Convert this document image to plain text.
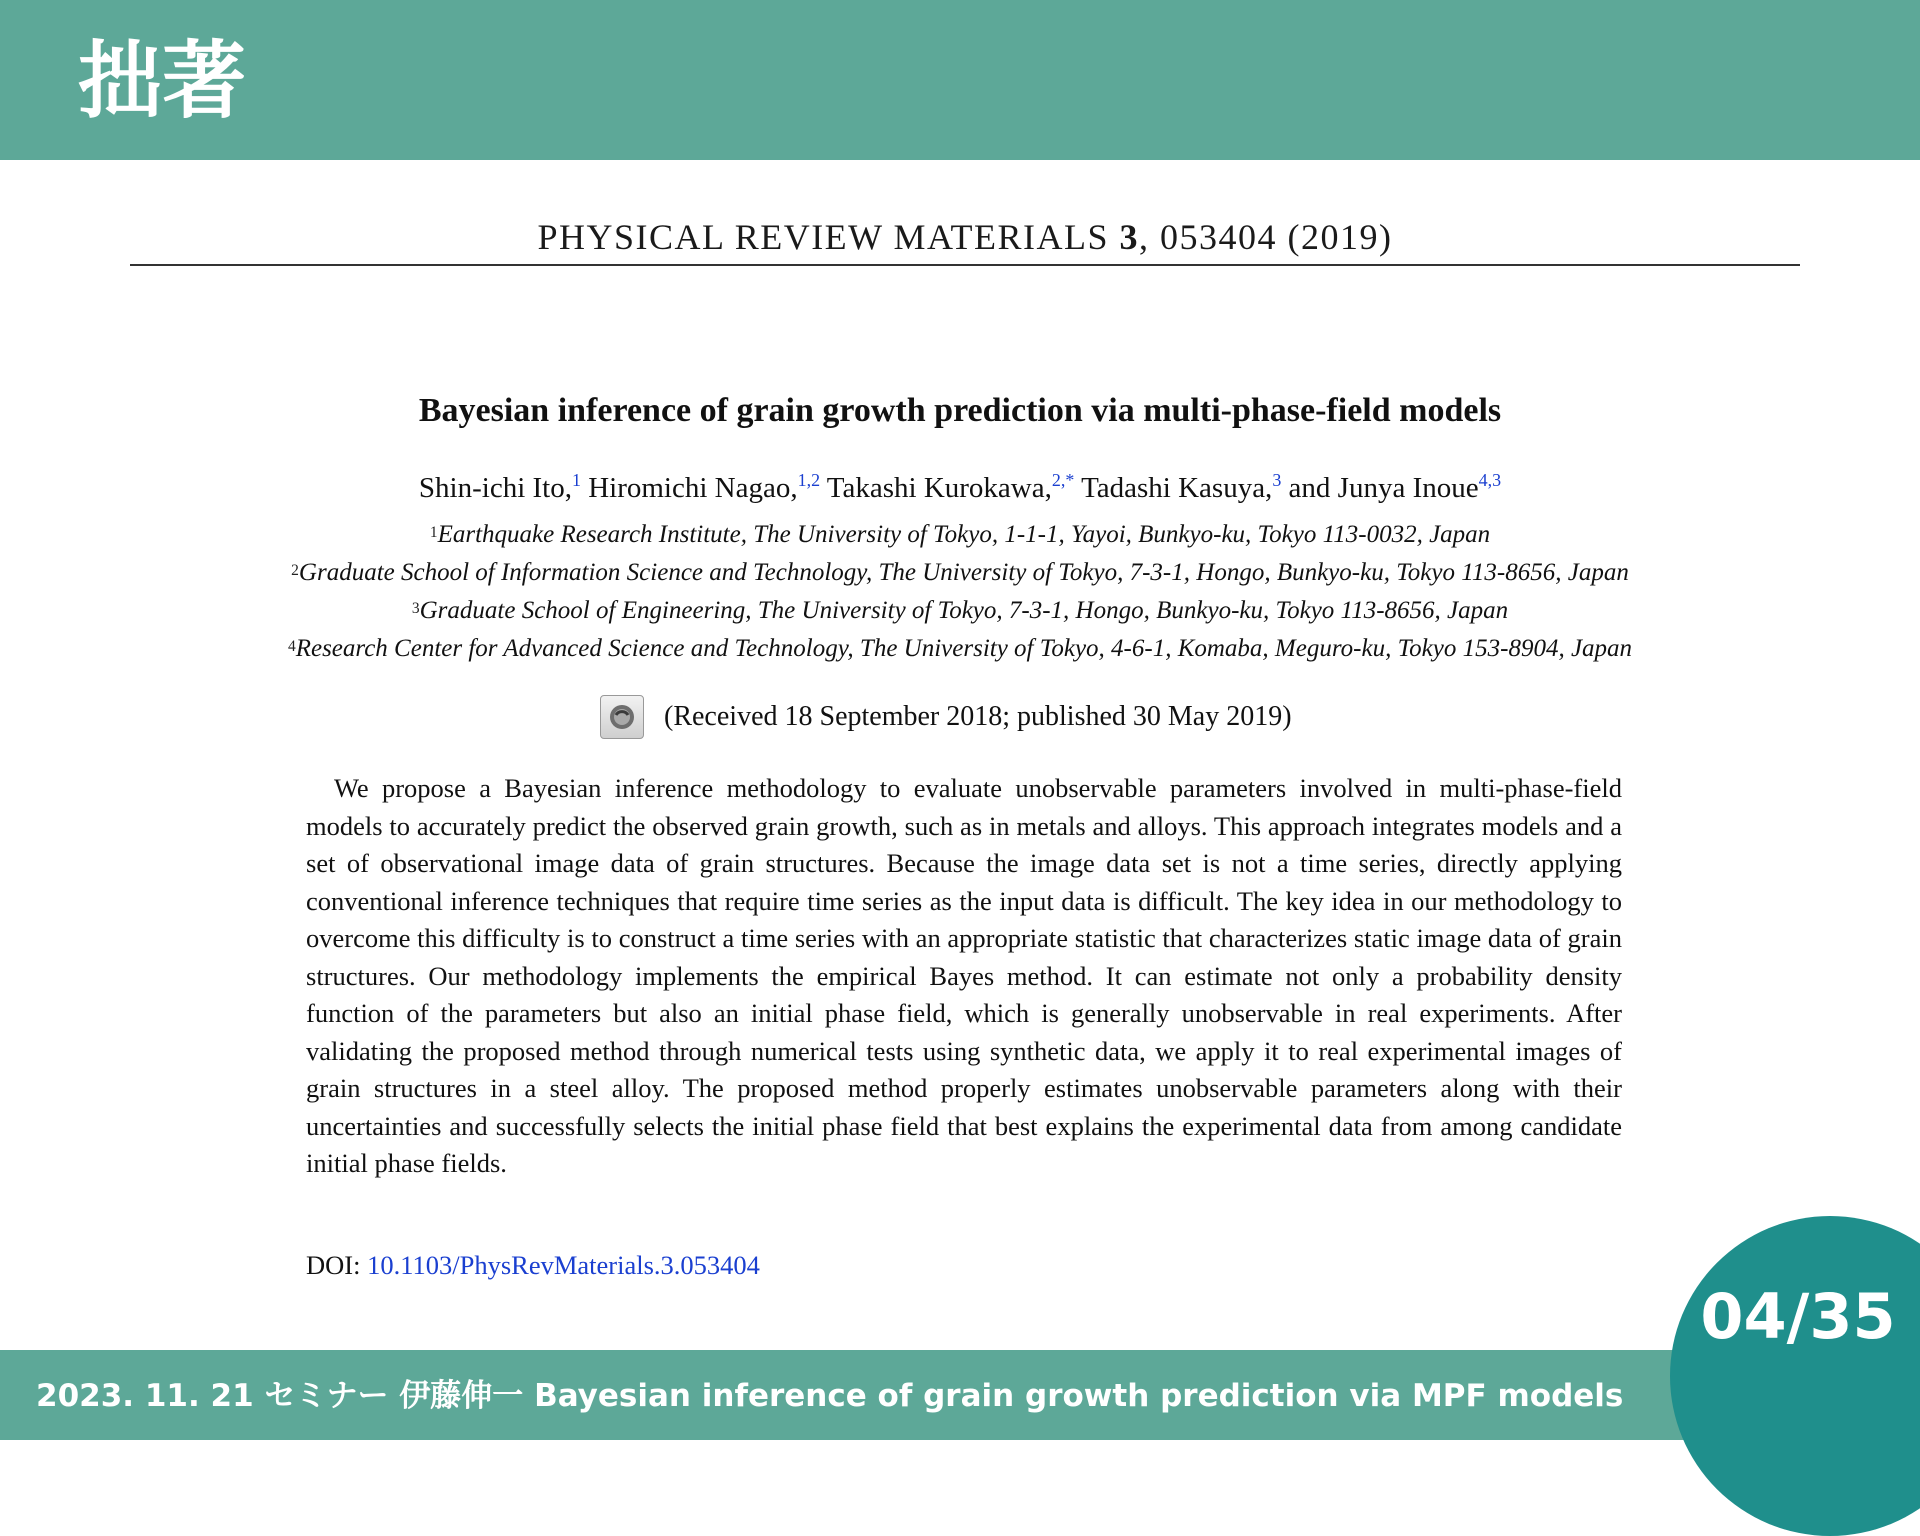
拙著
PHYSICAL REVIEW MATERIALS 3, 053404 (2019)
Bayesian inference of grain growth prediction via multi-phase-field models
Shin-ichi Ito,$^1$ Hiromichi Nagao,$^{1,2}$ Takashi Kurokawa,$^{2,*}$ Tadashi Kasuya,$^3$ and Junya Inoue$^{4,3}$
$^1$Earthquake Research Institute, The University of Tokyo, 1-1-1, Yayoi, Bunkyo-ku, Tokyo 113-0032, Japan
$^2$Graduate School of Information Science and Technology, The University of Tokyo, 7-3-1, Hongo, Bunkyo-ku, Tokyo 113-8656, Japan
$^3$Graduate School of Engineering, The University of Tokyo, 7-3-1, Hongo, Bunkyo-ku, Tokyo 113-8656, Japan
$^4$Research Center for Advanced Science and Technology, The University of Tokyo, 4-6-1, Komaba, Meguro-ku, Tokyo 153-8904, Japan
(Received 18 September 2018; published 30 May 2019)

We propose a Bayesian inference methodology to evaluate unobservable parameters involved in multi-phase-field models to accurately predict the observed grain growth, such as in metals and alloys. This approach integrates models and a set of observational image data of grain structures. Because the image data set is not a time series, directly applying conventional inference techniques that require time series as the input data is difficult. The key idea in our methodology to overcome this difficulty is to construct a time series with an appropriate statistic that characterizes static image data of grain structures. Our methodology implements the empirical Bayes method. It can estimate not only a probability density function of the parameters but also an initial phase field, which is generally unobservable in real experiments. After validating the proposed method through numerical tests using synthetic data, we apply it to real experimental images of grain structures in a steel alloy. The proposed method properly estimates unobservable parameters along with their uncertainties and successfully selects the initial phase field that best explains the experimental data from among candidate initial phase fields.

DOI: 10.1103/PhysRevMaterials.3.053404
2023. 11. 21 セミナー 伊藤伸一 Bayesian inference of grain growth prediction via MPF models
04/35
